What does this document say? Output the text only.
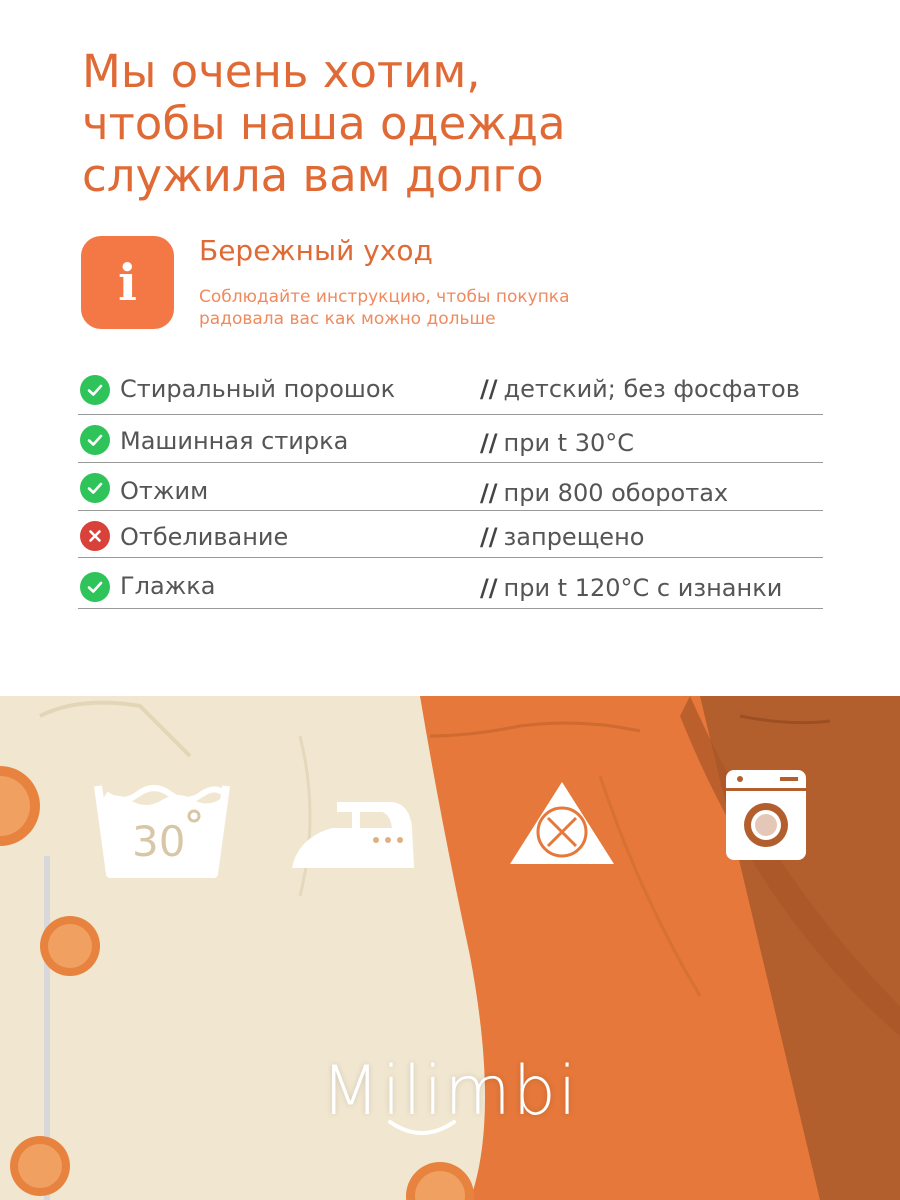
Мы очень хотим,
чтобы наша одежда
служила вам долго
i
Бережный уход
Соблюдайте инструкцию, чтобы покупка
радовала вас как можно дольше
Стиральный порошок	// детский; без фосфатов
Машинная стирка	// при t 30°C
Отжим	// при 800 оборотах
Отбеливание	// запрещено
Глажка	// при t 120°C с изнанки
30
Milimbi
